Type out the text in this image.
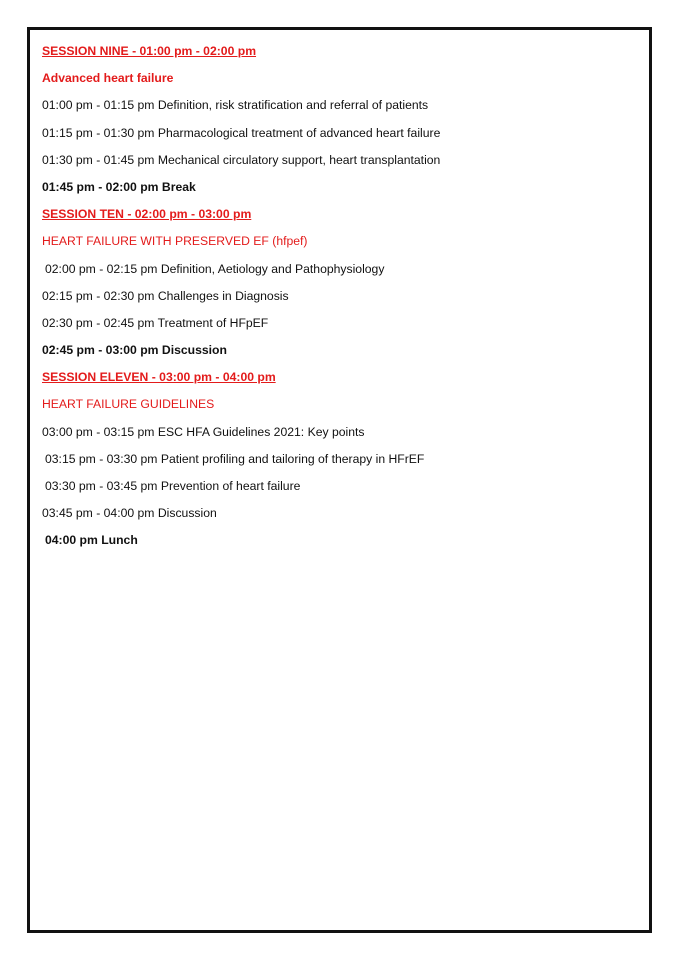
SESSION NINE - 01:00 pm - 02:00 pm
Advanced heart failure
01:00 pm - 01:15 pm Definition, risk stratification and referral of patients
01:15 pm - 01:30 pm Pharmacological treatment of advanced heart failure
01:30 pm - 01:45 pm Mechanical circulatory support, heart transplantation
01:45 pm - 02:00 pm Break
SESSION TEN - 02:00 pm - 03:00 pm
HEART FAILURE WITH PRESERVED EF (hfpef)
02:00 pm - 02:15 pm Definition, Aetiology and Pathophysiology
02:15 pm - 02:30 pm Challenges in Diagnosis
02:30 pm - 02:45 pm Treatment of HFpEF
02:45 pm - 03:00 pm Discussion
SESSION ELEVEN - 03:00 pm - 04:00 pm
HEART FAILURE GUIDELINES
03:00 pm - 03:15 pm ESC HFA Guidelines 2021: Key points
03:15 pm - 03:30 pm Patient profiling and tailoring of therapy in HFrEF
03:30 pm - 03:45 pm Prevention of heart failure
03:45 pm - 04:00 pm Discussion
04:00 pm Lunch
